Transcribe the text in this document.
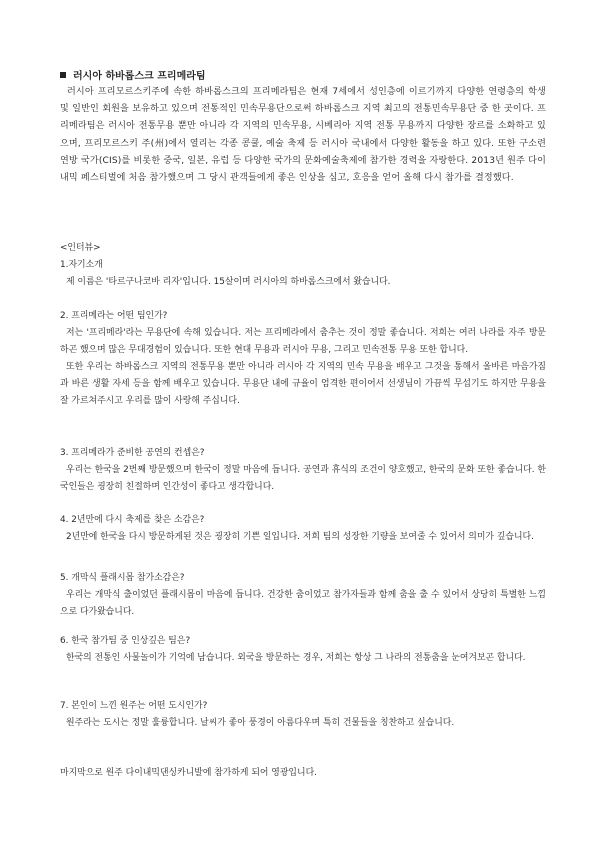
러시아 하바롭스크 프리메라팀

러시아 프리모르스키주에 속한 하바롭스크의 프리메라팀은 현재 7세에서 성인층에 이르기까지 다양한 연령층의 학생 및 일반인 회원을 보유하고 있으며 전통적인 민속무용단으로써 하바롭스크 지역 최고의 전통민속무용단 중 한 곳이다. 프리메라팀은 러시아 전통무용 뿐만 아니라 각 지역의 민속무용, 시베리아 지역 전통 무용까지 다양한 장르를 소화하고 있으며, 프리모르스키 주(州)에서 열리는 각종 콩쿨, 예술 축제 등 러시아 국내에서 다양한 활동을 하고 있다. 또한 구소련 연방 국가(CIS)를 비롯한 중국, 일본, 유럽 등 다양한 국가의 문화예술축제에 참가한 경력을 자랑한다. 2013년 원주 다이내믹 페스티벌에 처음 참가했으며 그 당시 관객들에게 좋은 인상을 심고, 호응을 얻어 올해 다시 참가를 결정했다.

<인터뷰>

1.자기소개

제 이름은 '타르구나코바 리자'입니다. 15살이며 러시아의 하바롭스크에서 왔습니다.

2. 프리메라는 어떤 팀인가?

저는 '프리메라'라는 무용단에 속해 있습니다. 저는 프리메라에서 춤추는 것이 정말 좋습니다. 저희는 여러 나라를 자주 방문하곤 했으며 많은 무대경험이 있습니다. 또한 현대 무용과 러시아 무용, 그리고 민속전통 무용 또한 합니다.

또한 우리는 하바롭스크 지역의 전통무용 뿐만 아니라 러시아 각 지역의 민속 무용을 배우고 그것을 통해서 올바른 마음가짐과 바른 생활 자세 등을 함께 배우고 있습니다. 무용단 내에 규율이 엄격한 편이어서 선생님이 가끔씩 무섭기도 하지만 무용을 잘 가르쳐주시고 우리를 많이 사랑해 주십니다.

3. 프리메라가 준비한 공연의 컨셉은?

우리는 한국을 2번째 방문했으며 한국이 정말 마음에 듭니다. 공연과 휴식의 조건이 양호했고, 한국의 문화 또한 좋습니다. 한국인들은 굉장히 친절하며 인간성이 좋다고 생각합니다.

4. 2년만에 다시 축제를 찾은 소감은?

2년만에 한국을 다시 방문하게된 것은 굉장히 기쁜 일입니다. 저희 팀의 성장한 기량을 보여줄 수 있어서 의미가 깊습니다.

5. 개막식 플래시몹 참가소감은?

우리는 개막식 출이었던 플래시몹이 마음에 듭니다. 건강한 춤이었고 참가자들과 함께 춤을 출 수 있어서 상당히 특별한 느낌으로 다가왔습니다.

6. 한국 참가팀 중 인상깊은 팀은?

한국의 전통인 사물놀이가 기억에 남습니다. 외국을 방문하는 경우, 저희는 항상 그 나라의 전통춤을 눈여겨보곤 합니다.

7. 본인이 느낀 원주는 어떤 도시인가?

원주라는 도시는 정말 훌륭합니다. 날씨가 좋아 풍경이 아름다우며 특히 건물들을 칭찬하고 싶습니다.

마지막으로 원주 다이내믹댄싱카니발에 참가하게 되어 영광입니다.
